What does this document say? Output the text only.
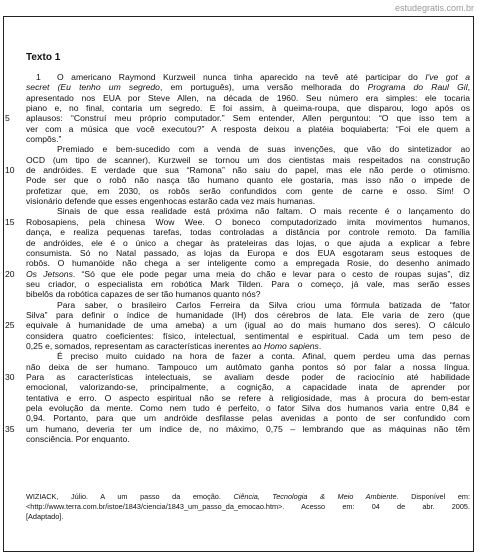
estudegratis.com.br
Texto 1
1 O americano Raymond Kurzweil nunca tinha aparecido na tevê até participar do I've got a
secret (Eu tenho um segredo, em português), uma versão melhorada do Programa do Raul Gil,
apresentado nos EUA por Steve Allen, na década de 1960. Seu número era simples: ele tocaria
piano e, no final, contaria um segredo. E foi assim, à queima-roupa, que disparou, logo após os
5 aplausos: “Construí meu próprio computador.” Sem entender, Allen perguntou: “O que isso tem a
ver com a música que você executou?” A resposta deixou a platéia boquiaberta: “Foi ele quem a
compôs.”
Premiado e bem-sucedido com a venda de suas invenções, que vão do sintetizador ao
OCD (um tipo de scanner), Kurzweil se tornou um dos cientistas mais respeitados na construção
10 de andróides. E verdade que sua “Ramona” não saiu do papel, mas ele não perde o otimismo.
Pode ser que o robô não nasça tão humano quanto ele gostaria, mas isso não o impede de
profetizar que, em 2030, os robôs serão confundidos com gente de carne e osso. Sim! O
visionário defende que esses engenhocas estarão cada vez mais humanas.
Sinais de que essa realidade está próxima não faltam. O mais recente é o lançamento do
15 Robosapiens, pela chinesa Wow Wee. O boneco computadorizado imita movimentos humanos,
dança, e realiza pequenas tarefas, todas controladas a distância por controle remoto. Da família
de andróides, ele é o único a chegar às prateleiras das lojas, o que ajuda a explicar a febre
consumista. Só no Natal passado, as lojas da Europa e dos EUA esgotaram seus estoques de
robôs. O humanóide não chega a ser inteligente como a empregada Rosie, do desenho animado
20 Os Jetsons. “Só que ele pode pegar uma meia do chão e levar para o cesto de roupas sujas”, diz
seu criador, o especialista em robótica Mark Tilden. Para o começo, já vale, mas serão esses
bibelôs da robótica capazes de ser tão humanos quanto nós?
Para saber, o brasileiro Carlos Ferreira da Silva criou uma fórmula batizada de “fator
Silva” para definir o índice de humanidade (IH) dos cérebros de lata. Ele varia de zero (que
25 equivale à humanidade de uma ameba) a um (igual ao do mais humano dos seres). O cálculo
considera quatro coeficientes: físico, intelectual, sentimental e espiritual. Cada um tem peso de
0,25 e, somados, representam as características inerentes ao Homo sapiens.
É preciso muito cuidado na hora de fazer a conta. Afinal, quem perdeu uma das pernas
não deixa de ser humano. Tampouco um autômato ganha pontos só por falar a nossa língua.
30 Para as características intelectuais, se avaliam desde poder de raciocínio até habilidade
emocional, valorizando-se, principalmente, a cognição, a capacidade inata de aprender por
tentativa e erro. O aspecto espiritual não se refere à religiosidade, mas à procura do bem-estar
pela evolução da mente. Como nem tudo é perfeito, o fator Silva dos humanos varia entre 0,84 e
0,94. Portanto, para que um andróide desfilasse pelas avenidas a ponto de ser confundido com
35 um humano, deveria ter um índice de, no máximo, 0,75 – lembrando que as máquinas não têm
consciência. Por enquanto.
WIZIACK, Júlio. A um passo da emoção. Ciência, Tecnologia & Meio Ambiente. Disponível em:
<http://www.terra.com.br/istoe/1843/ciencia/1843_um_passo_da_emocao.htm>. Acesso em: 04 de abr. 2005.
[Adaptado].
